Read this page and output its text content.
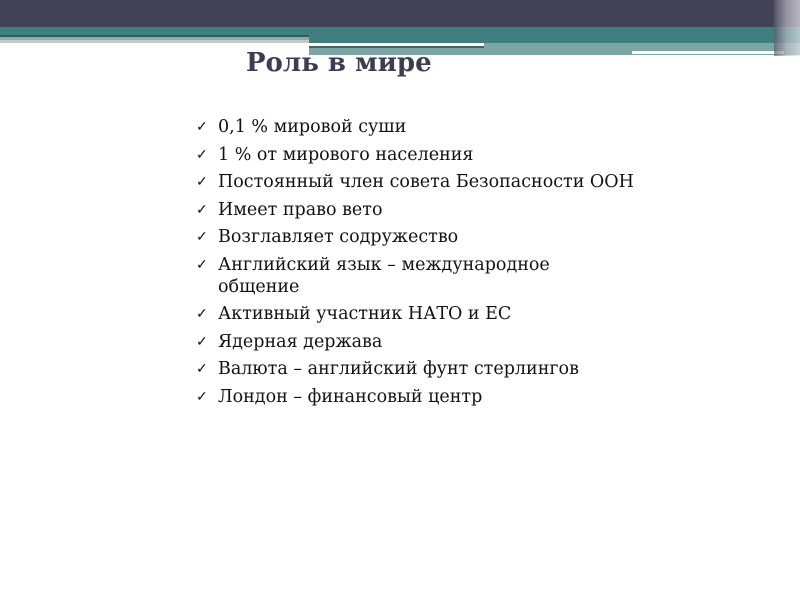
Роль в мире
✓ 0,1 % мировой суши
✓ 1 % от мирового населения
✓ Постоянный член совета Безопасности ООН
✓ Имеет право вето
✓ Возглавляет содружество
✓ Английский язык – международное общение
✓ Активный участник НАТО и ЕС
✓ Ядерная держава
✓ Валюта – английский фунт стерлингов
✓ Лондон – финансовый центр
